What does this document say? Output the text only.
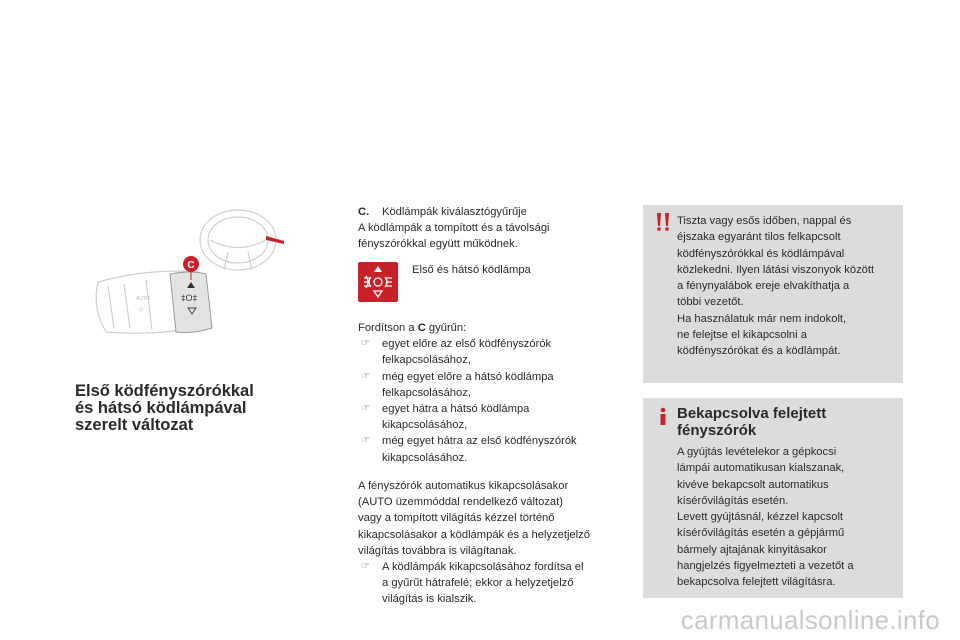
‡O‡
AUTO
☼
C
Első ködfényszórókkal
és hátsó ködlámpával
szerelt változat

C. Ködlámpák kiválasztógyűrűje

A ködlámpák a tompított és a távolsági

fényszórókkal együtt működnek.

Első és hátsó ködlámpa

Fordítson a C gyűrűn:

☞ egyet előre az első ködfényszórók

felkapcsolásához,

☞ még egyet előre a hátsó ködlámpa

felkapcsolásához,

☞ egyet hátra a hátsó ködlámpa

kikapcsolásához,

☞ még egyet hátra az első ködfényszórók

kikapcsolásához.

A fényszórók automatikus kikapcsolásakor

(AUTO üzemmóddal rendelkező változat)

vagy a tompított világítás kézzel történő

kikapcsolásakor a ködlámpák és a helyzetjelző

világítás továbbra is világítanak.

☞ A ködlámpák kikapcsolásához fordítsa el

a gyűrűt hátrafelé; ekkor a helyzetjelző

világítás is kialszik.

Tiszta vagy esős időben, nappal és

éjszaka egyaránt tilos felkapcsolt

ködfényszórókkal és ködlámpával

közlekedni. Ilyen látási viszonyok között

a fénynyalábok ereje elvakíthatja a

többi vezetőt.

Ha használatuk már nem indokolt,

ne felejtse el kikapcsolni a

ködfényszórókat és a ködlámpát.

Bekapcsolva felejtett
fényszórók

A gyújtás levételekor a gépkocsi

lámpái automatikusan kialszanak,

kivéve bekapcsolt automatikus

kísérővilágítás esetén.

Levett gyújtásnál, kézzel kapcsolt

kísérővilágítás esetén a gépjármű

bármely ajtajának kinyitásakor

hangjelzés figyelmezteti a vezetőt a

bekapcsolva felejtett világításra.

carmanualsonline.info
